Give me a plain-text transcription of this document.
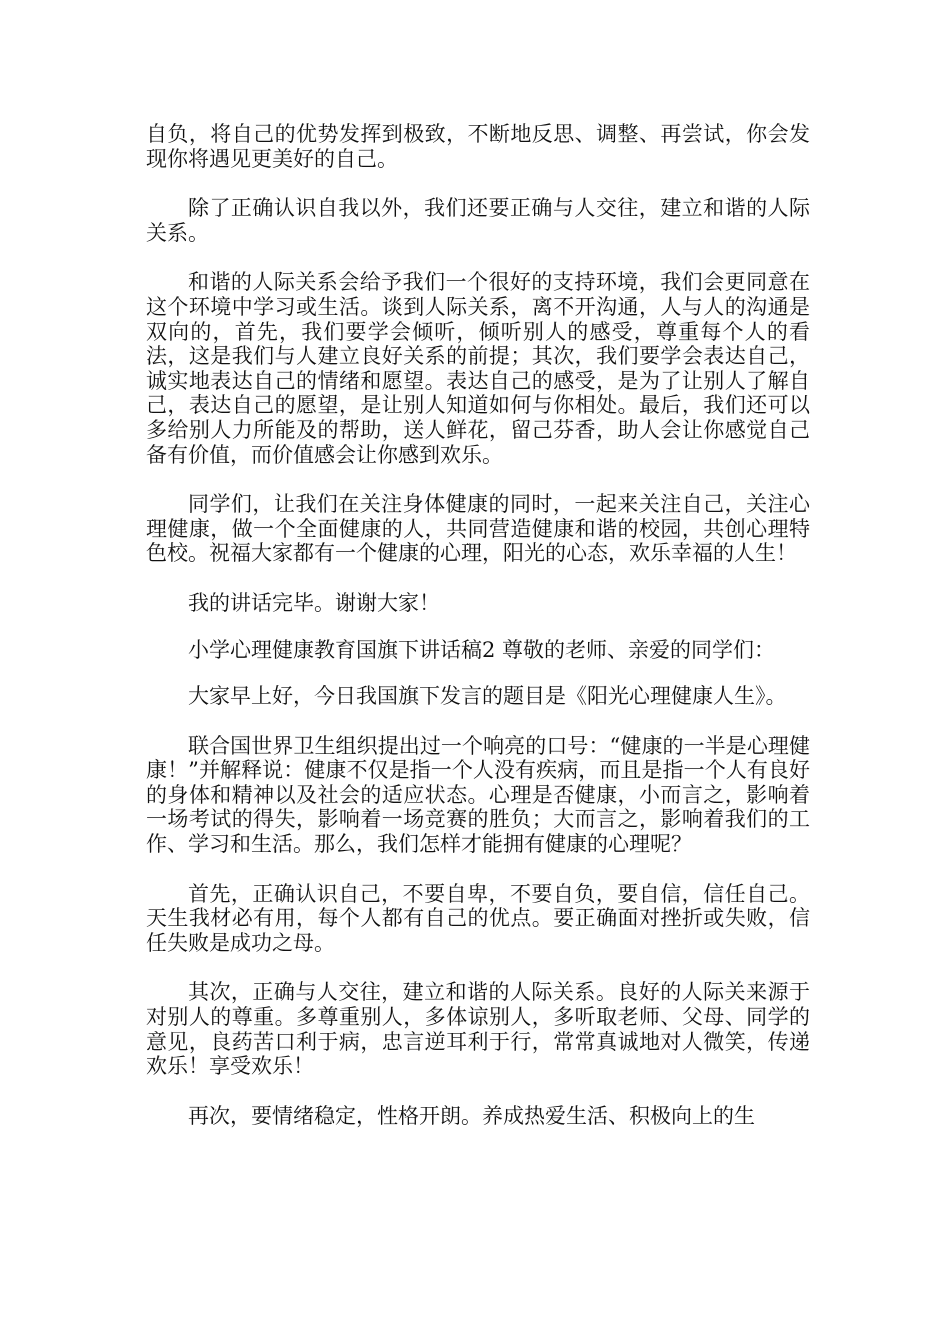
自负，将自己的优势发挥到极致，不断地反思、调整、再尝试，你会发现你将遇见更美好的自己。

除了正确认识自我以外，我们还要正确与人交往，建立和谐的人际关系。

和谐的人际关系会给予我们一个很好的支持环境，我们会更同意在这个环境中学习或生活。谈到人际关系，离不开沟通，人与人的沟通是双向的，首先，我们要学会倾听，倾听别人的感受，尊重每个人的看法，这是我们与人建立良好关系的前提；其次，我们要学会表达自己，诚实地表达自己的情绪和愿望。表达自己的感受，是为了让别人了解自己，表达自己的愿望，是让别人知道如何与你相处。最后，我们还可以多给别人力所能及的帮助，送人鲜花，留己芬香，助人会让你感觉自己备有价值，而价值感会让你感到欢乐。

同学们，让我们在关注身体健康的同时，一起来关注自己，关注心理健康，做一个全面健康的人，共同营造健康和谐的校园，共创心理特色校。祝福大家都有一个健康的心理，阳光的心态，欢乐幸福的人生！

我的讲话完毕。谢谢大家！

小学心理健康教育国旗下讲话稿2 尊敬的老师、亲爱的同学们：

大家早上好，今日我国旗下发言的题目是《阳光心理健康人生》。

联合国世界卫生组织提出过一个响亮的口号：“健康的一半是心理健康！”并解释说：健康不仅是指一个人没有疾病，而且是指一个人有良好的身体和精神以及社会的适应状态。心理是否健康，小而言之，影响着一场考试的得失，影响着一场竞赛的胜负；大而言之，影响着我们的工作、学习和生活。那么，我们怎样才能拥有健康的心理呢？

首先，正确认识自己，不要自卑，不要自负，要自信，信任自己。天生我材必有用，每个人都有自己的优点。要正确面对挫折或失败，信任失败是成功之母。

其次，正确与人交往，建立和谐的人际关系。良好的人际关来源于对别人的尊重。多尊重别人，多体谅别人，多听取老师、父母、同学的意见，良药苦口利于病，忠言逆耳利于行，常常真诚地对人微笑，传递欢乐！享受欢乐！

再次，要情绪稳定，性格开朗。养成热爱生活、积极向上的生
